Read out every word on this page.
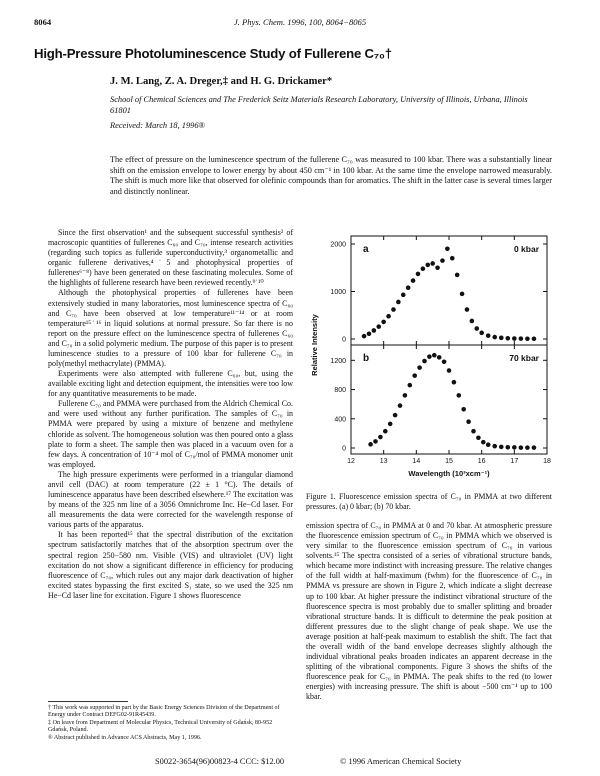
8064	J. Phys. Chem. 1996, 100, 8064−8065
High-Pressure Photoluminescence Study of Fullerene C₇₀†
J. M. Lang, Z. A. Dreger,‡ and H. G. Drickamer*
School of Chemical Sciences and The Frederick Seitz Materials Research Laboratory, University of Illinois, Urbana, Illinois 61801
Received: March 18, 1996®
The effect of pressure on the luminescence spectrum of the fullerene C₇₀ was measured to 100 kbar. There was a substantially linear shift on the emission envelope to lower energy by about 450 cm⁻¹ in 100 kbar. At the same time the envelope narrowed measurably. The shift is much more like that observed for olefinic compounds than for aromatics. The shift in the latter case is several times larger and distinctly nonlinear.

Since the first observation¹ and the subsequent successful synthesis² of macroscopic quantities of fullerenes C₆₀ and C₇₀, intense research activities (regarding such topics as fulleride superconductivity,³ organometallic and organic fullerene derivatives,⁴˙5 and photophysical properties of fullerenes⁶⁻⁸) have been generated on these fascinating molecules. Some of the highlights of fullerene research have been reviewed recently.⁹˙¹⁰

Although the photophysical properties of fullerenes have been extensively studied in many laboratories, most luminescence spectra of C₆₀ and C₇₀ have been observed at low temperature¹¹⁻¹⁴ or at room temperature¹⁵˙¹⁶ in liquid solutions at normal pressure. So far there is no report on the pressure effect on the luminescence spectra of fullerenes C₆₀ and C₇₀ in a solid polymeric medium. The purpose of this paper is to present luminescence studies to a pressure of 100 kbar for fullerene C₇₀ in poly(methyl methacrylate) (PMMA).

Experiments were also attempted with fullerene C₆₀, but, using the available exciting light and detection equipment, the intensities were too low for any quantitative measurements to be made.

Fullerene C₇₀ and PMMA were purchased from the Aldrich Chemical Co. and were used without any further purification. The samples of C₇₀ in PMMA were prepared by using a mixture of benzene and methylene chloride as solvent. The homogeneous solution was then poured onto a glass plate to form a sheet. The sample then was placed in a vacuum oven for a few days. A concentration of 10⁻⁴ mol of C₇₀/mol of PMMA monomer unit was employed.

The high pressure experiments were performed in a triangular diamond anvil cell (DAC) at room temperature (22 ± 1 °C). The details of luminescence apparatus have been described elsewhere.¹⁷ The excitation was by means of the 325 nm line of a 3056 Omnichrome Inc. He−Cd laser. For all measurements the data were corrected for the wavelength response of various parts of the apparatus.

It has been reported¹⁵ that the spectral distribution of the excitation spectrum satisfactorily matches that of the absorption spectrum over the spectral region 250−580 nm. Visible (VIS) and ultraviolet (UV) light excitation do not show a significant difference in efficiency for producing fluorescence of C₇₀, which rules out any major dark deactivation of higher excited states bypassing the first excited S₁ state, so we used the 325 nm He−Cd laser line for excitation. Figure 1 shows fluorescence

† This work was supported in part by the Basic Energy Sciences Division of the Department of Energy under Contract DEFG02-91R45439.

‡ On leave from Department of Molecular Physics, Technical University of Gdańsk, 80-952 Gdańsk, Poland.

® Abstract published in Advance ACS Abstracts, May 1, 1996.

0
1000
2000 a	0 kbar
0
400
800
1200 b	70 kbar
12	13	14	15	16	17	18
Wavelength (10³xcm⁻¹)
Relative Intensity
Figure 1. Fluorescence emission spectra of C₇₀ in PMMA at two different pressures. (a) 0 kbar; (b) 70 kbar.

emission spectra of C₇₀ in PMMA at 0 and 70 kbar. At atmospheric pressure the fluorescence emission spectrum of C₇₀ in PMMA which we observed is very similar to the fluorescence emission spectrum of C₇₀ in various solvents.¹⁵ The spectra consisted of a series of vibrational structure bands, which became more indistinct with increasing pressure. The relative changes of the full width at half-maximum (fwhm) for the fluorescence of C₇₀ in PMMA vs pressure are shown in Figure 2, which indicate a slight decrease up to 100 kbar. At higher pressure the indistinct vibrational structure of the fluorescence spectra is most probably due to smaller splitting and broader vibrational structure bands. It is difficult to determine the peak position at different pressures due to the slight change of peak shape. We use the average position at half-peak maximum to establish the shift. The fact that the overall width of the band envelope decreases slightly although the individual vibrational peaks broaden indicates an apparent decrease in the splitting of the vibrational components. Figure 3 shows the shifts of the fluorescence peak for C₇₀ in PMMA. The peak shifts to the red (to lower energies) with increasing pressure. The shift is about −500 cm⁻¹ up to 100 kbar.

S0022-3654(96)00823-4 CCC: $12.00	© 1996 American Chemical Society
